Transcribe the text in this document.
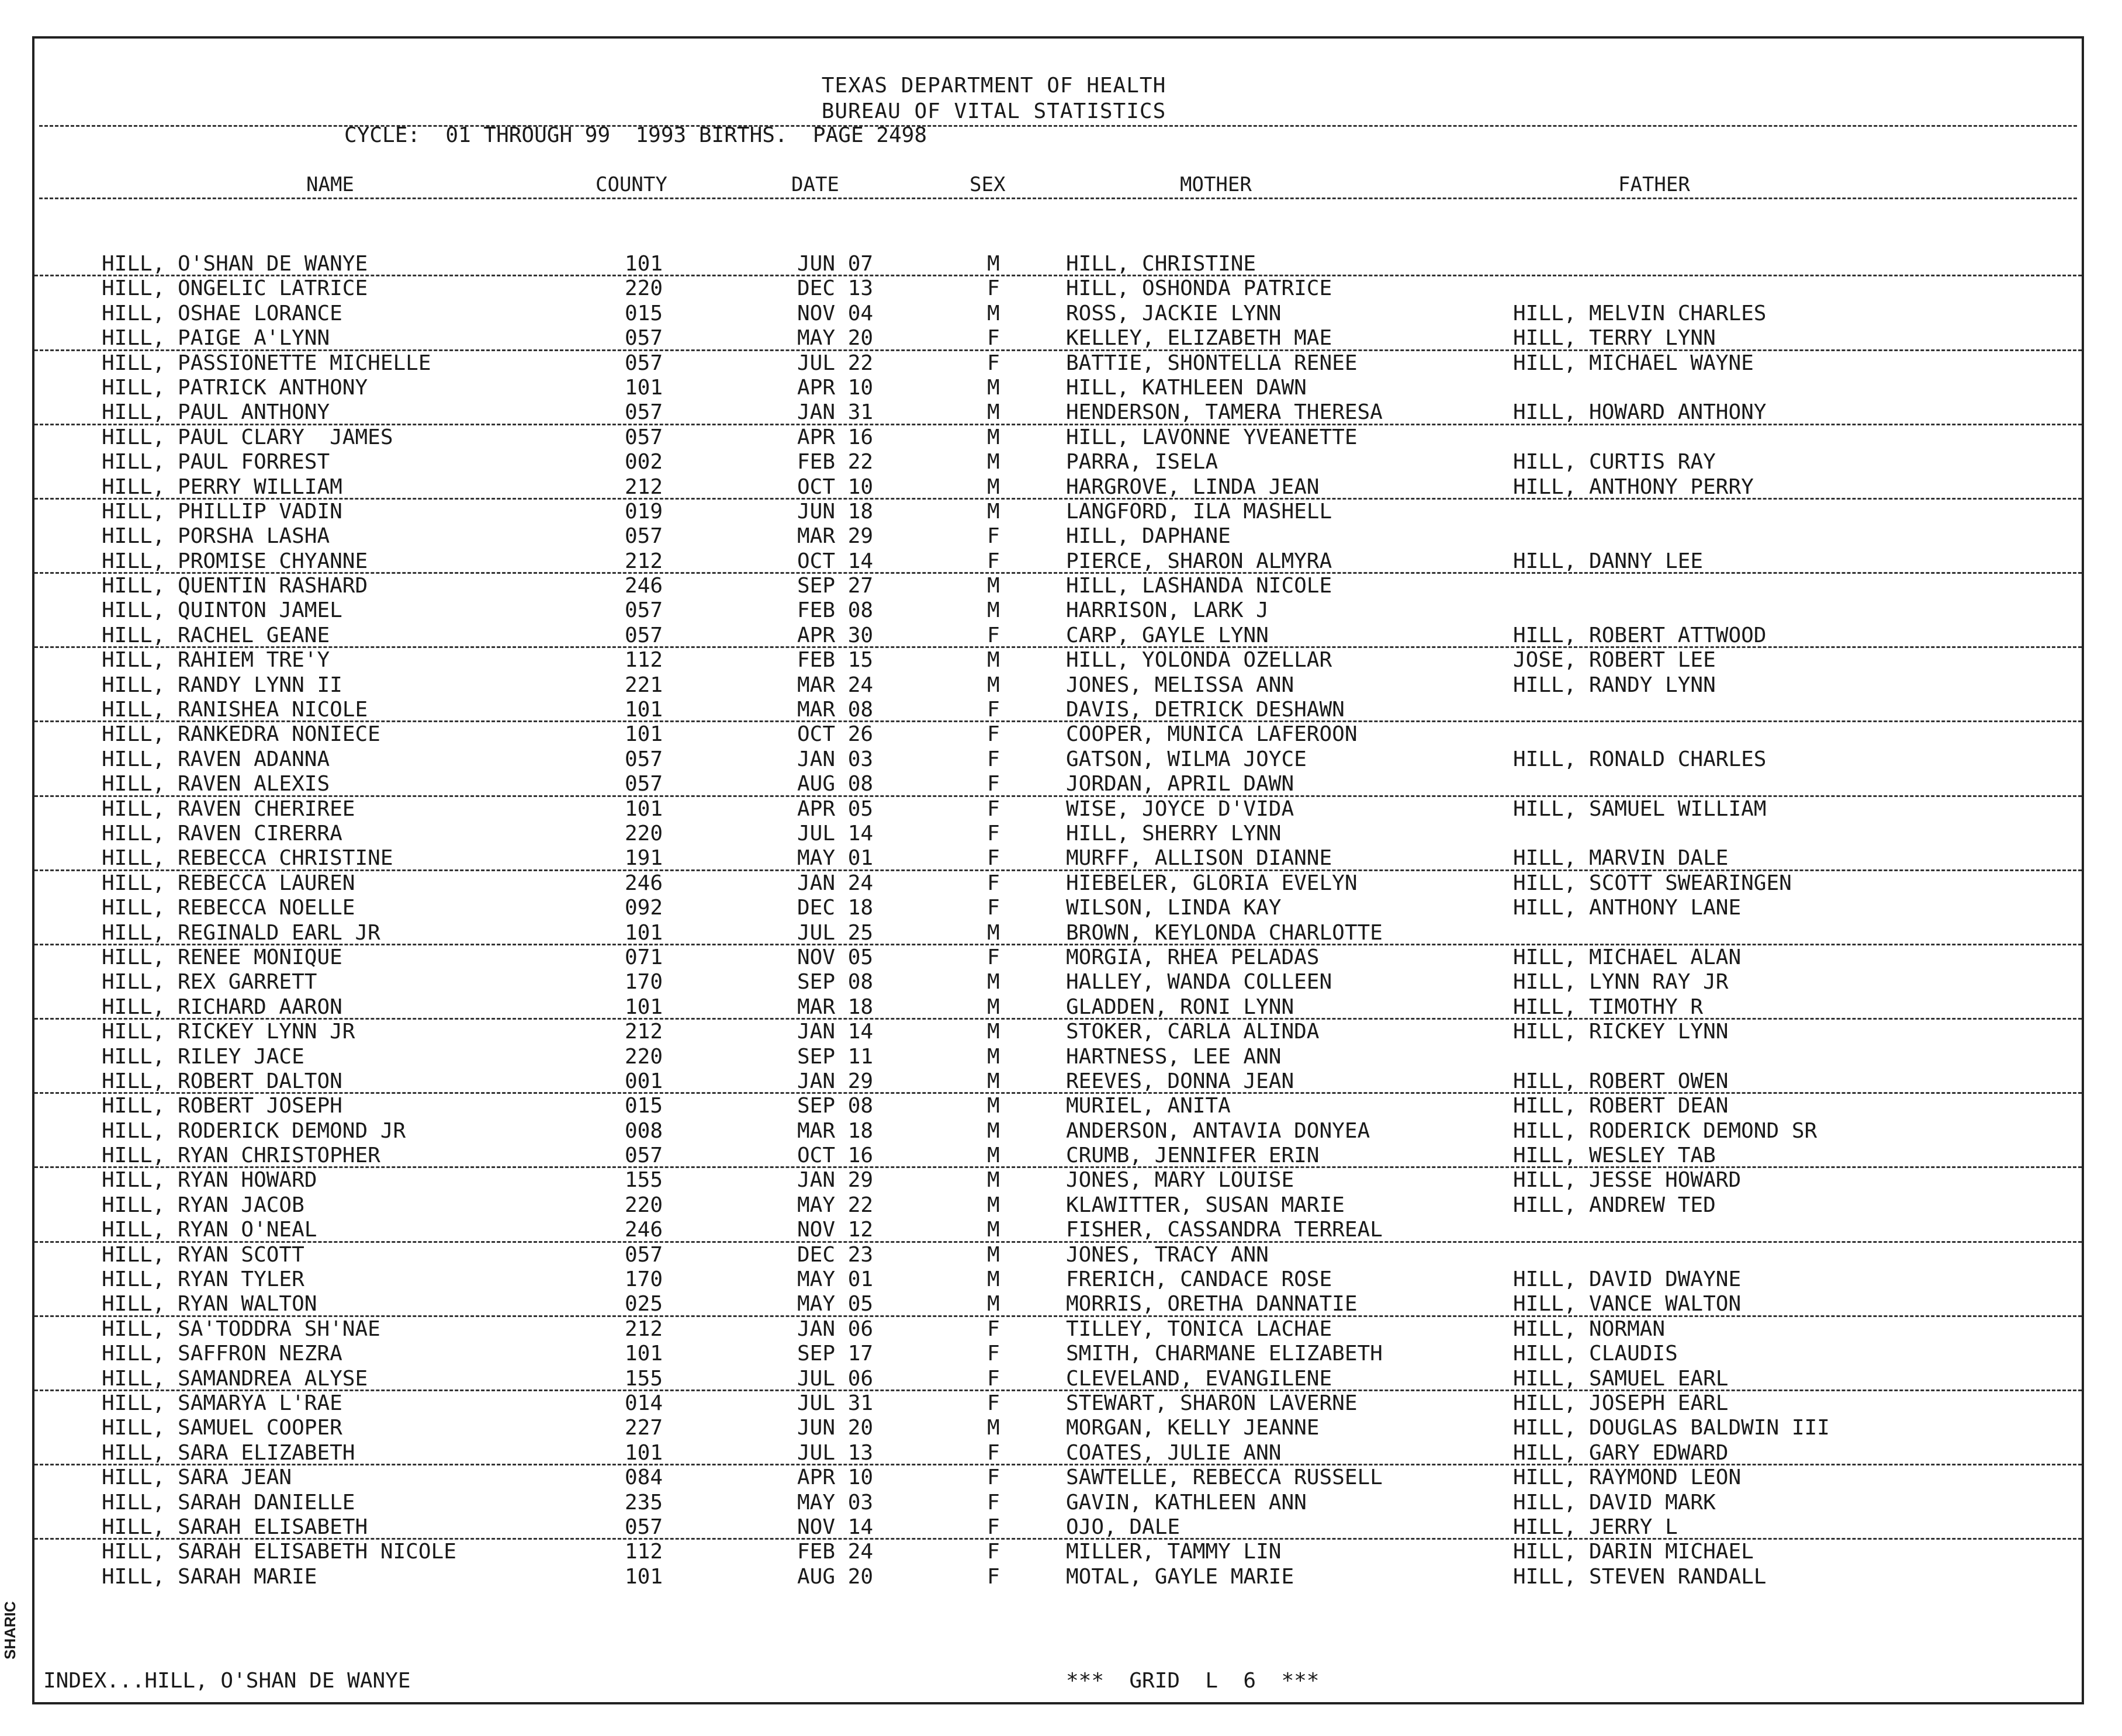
SHARIC
TEXAS DEPARTMENT OF HEALTH
BUREAU OF VITAL STATISTICS
CYCLE:  01 THROUGH 99  1993 BIRTHS.  PAGE 2498
NAME	COUNTY	DATE	SEX	MOTHER	FATHER
HILL, O'SHAN DE WANYE	101	JUN 07	M	HILL, CHRISTINE
HILL, ONGELIC LATRICE	220	DEC 13	F	HILL, OSHONDA PATRICE
HILL, OSHAE LORANCE	015	NOV 04	M	ROSS, JACKIE LYNN	HILL, MELVIN CHARLES
HILL, PAIGE A'LYNN	057	MAY 20	F	KELLEY, ELIZABETH MAE	HILL, TERRY LYNN
HILL, PASSIONETTE MICHELLE	057	JUL 22	F	BATTIE, SHONTELLA RENEE	HILL, MICHAEL WAYNE
HILL, PATRICK ANTHONY	101	APR 10	M	HILL, KATHLEEN DAWN
HILL, PAUL ANTHONY	057	JAN 31	M	HENDERSON, TAMERA THERESA	HILL, HOWARD ANTHONY
HILL, PAUL CLARY  JAMES	057	APR 16	M	HILL, LAVONNE YVEANETTE
HILL, PAUL FORREST	002	FEB 22	M	PARRA, ISELA	HILL, CURTIS RAY
HILL, PERRY WILLIAM	212	OCT 10	M	HARGROVE, LINDA JEAN	HILL, ANTHONY PERRY
HILL, PHILLIP VADIN	019	JUN 18	M	LANGFORD, ILA MASHELL
HILL, PORSHA LASHA	057	MAR 29	F	HILL, DAPHANE
HILL, PROMISE CHYANNE	212	OCT 14	F	PIERCE, SHARON ALMYRA	HILL, DANNY LEE
HILL, QUENTIN RASHARD	246	SEP 27	M	HILL, LASHANDA NICOLE
HILL, QUINTON JAMEL	057	FEB 08	M	HARRISON, LARK J
HILL, RACHEL GEANE	057	APR 30	F	CARP, GAYLE LYNN	HILL, ROBERT ATTWOOD
HILL, RAHIEM TRE'Y	112	FEB 15	M	HILL, YOLONDA OZELLAR	JOSE, ROBERT LEE
HILL, RANDY LYNN II	221	MAR 24	M	JONES, MELISSA ANN	HILL, RANDY LYNN
HILL, RANISHEA NICOLE	101	MAR 08	F	DAVIS, DETRICK DESHAWN
HILL, RANKEDRA NONIECE	101	OCT 26	F	COOPER, MUNICA LAFEROON
HILL, RAVEN ADANNA	057	JAN 03	F	GATSON, WILMA JOYCE	HILL, RONALD CHARLES
HILL, RAVEN ALEXIS	057	AUG 08	F	JORDAN, APRIL DAWN
HILL, RAVEN CHERIREE	101	APR 05	F	WISE, JOYCE D'VIDA	HILL, SAMUEL WILLIAM
HILL, RAVEN CIRERRA	220	JUL 14	F	HILL, SHERRY LYNN
HILL, REBECCA CHRISTINE	191	MAY 01	F	MURFF, ALLISON DIANNE	HILL, MARVIN DALE
HILL, REBECCA LAUREN	246	JAN 24	F	HIEBELER, GLORIA EVELYN	HILL, SCOTT SWEARINGEN
HILL, REBECCA NOELLE	092	DEC 18	F	WILSON, LINDA KAY	HILL, ANTHONY LANE
HILL, REGINALD EARL JR	101	JUL 25	M	BROWN, KEYLONDA CHARLOTTE
HILL, RENEE MONIQUE	071	NOV 05	F	MORGIA, RHEA PELADAS	HILL, MICHAEL ALAN
HILL, REX GARRETT	170	SEP 08	M	HALLEY, WANDA COLLEEN	HILL, LYNN RAY JR
HILL, RICHARD AARON	101	MAR 18	M	GLADDEN, RONI LYNN	HILL, TIMOTHY R
HILL, RICKEY LYNN JR	212	JAN 14	M	STOKER, CARLA ALINDA	HILL, RICKEY LYNN
HILL, RILEY JACE	220	SEP 11	M	HARTNESS, LEE ANN
HILL, ROBERT DALTON	001	JAN 29	M	REEVES, DONNA JEAN	HILL, ROBERT OWEN
HILL, ROBERT JOSEPH	015	SEP 08	M	MURIEL, ANITA	HILL, ROBERT DEAN
HILL, RODERICK DEMOND JR	008	MAR 18	M	ANDERSON, ANTAVIA DONYEA	HILL, RODERICK DEMOND SR
HILL, RYAN CHRISTOPHER	057	OCT 16	M	CRUMB, JENNIFER ERIN	HILL, WESLEY TAB
HILL, RYAN HOWARD	155	JAN 29	M	JONES, MARY LOUISE	HILL, JESSE HOWARD
HILL, RYAN JACOB	220	MAY 22	M	KLAWITTER, SUSAN MARIE	HILL, ANDREW TED
HILL, RYAN O'NEAL	246	NOV 12	M	FISHER, CASSANDRA TERREAL
HILL, RYAN SCOTT	057	DEC 23	M	JONES, TRACY ANN
HILL, RYAN TYLER	170	MAY 01	M	FRERICH, CANDACE ROSE	HILL, DAVID DWAYNE
HILL, RYAN WALTON	025	MAY 05	M	MORRIS, ORETHA DANNATIE	HILL, VANCE WALTON
HILL, SA'TODDRA SH'NAE	212	JAN 06	F	TILLEY, TONICA LACHAE	HILL, NORMAN
HILL, SAFFRON NEZRA	101	SEP 17	F	SMITH, CHARMANE ELIZABETH	HILL, CLAUDIS
HILL, SAMANDREA ALYSE	155	JUL 06	F	CLEVELAND, EVANGILENE	HILL, SAMUEL EARL
HILL, SAMARYA L'RAE	014	JUL 31	F	STEWART, SHARON LAVERNE	HILL, JOSEPH EARL
HILL, SAMUEL COOPER	227	JUN 20	M	MORGAN, KELLY JEANNE	HILL, DOUGLAS BALDWIN III
HILL, SARA ELIZABETH	101	JUL 13	F	COATES, JULIE ANN	HILL, GARY EDWARD
HILL, SARA JEAN	084	APR 10	F	SAWTELLE, REBECCA RUSSELL	HILL, RAYMOND LEON
HILL, SARAH DANIELLE	235	MAY 03	F	GAVIN, KATHLEEN ANN	HILL, DAVID MARK
HILL, SARAH ELISABETH	057	NOV 14	F	OJO, DALE	HILL, JERRY L
HILL, SARAH ELISABETH NICOLE	112	FEB 24	F	MILLER, TAMMY LIN	HILL, DARIN MICHAEL
HILL, SARAH MARIE	101	AUG 20	F	MOTAL, GAYLE MARIE	HILL, STEVEN RANDALL
INDEX...HILL, O'SHAN DE WANYE	***  GRID  L  6  ***
